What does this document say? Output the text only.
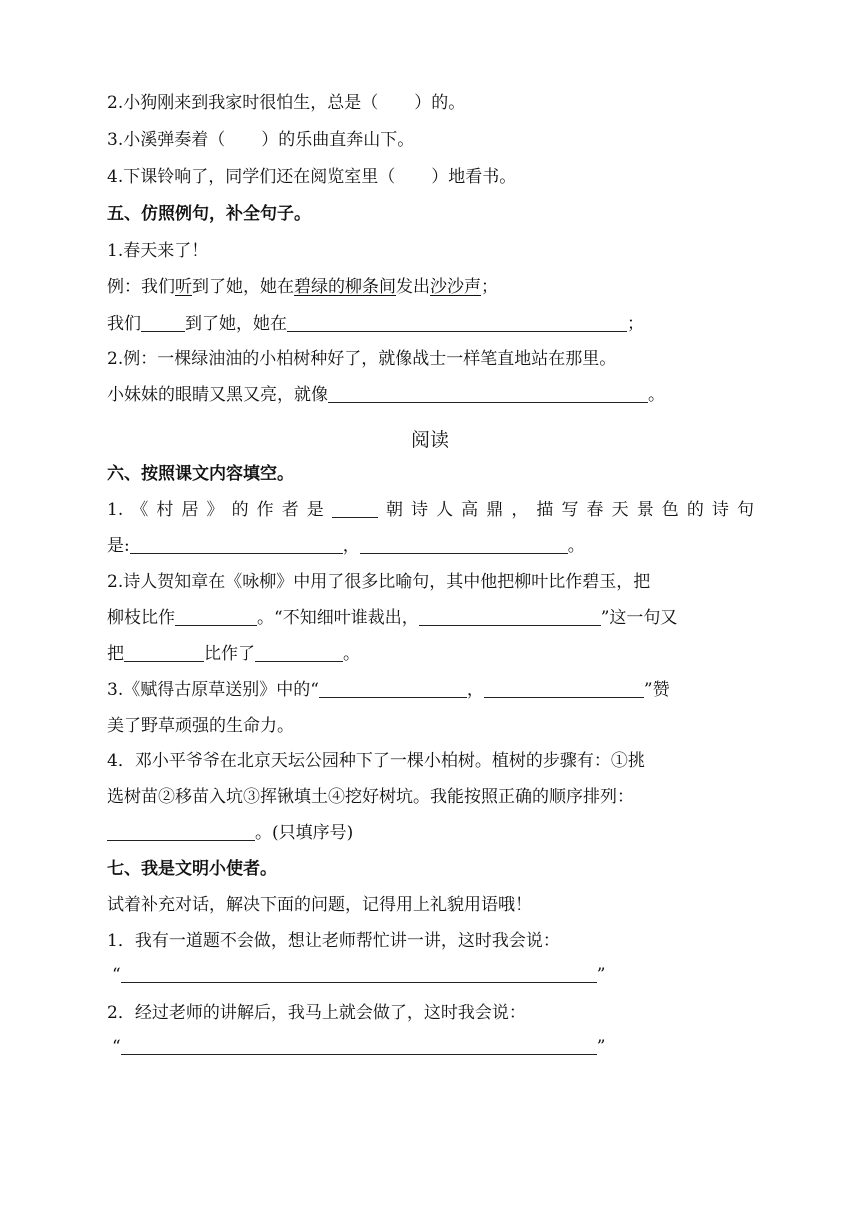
2.小狗刚来到我家时很怕生，总是（ ）的。
3.小溪弹奏着（ ）的乐曲直奔山下。
4.下课铃响了，同学们还在阅览室里（ ）地看书。
五、仿照例句，补全句子。
1.春天来了！
例：我们听到了她，她在碧绿的柳条间发出沙沙声；
我们	到了她，她在	；
2.例：一棵绿油油的小柏树种好了，就像战士一样笔直地站在那里。
小妹妹的眼睛又黑又亮，就像	。
阅读
六、按照课文内容填空。
1.《村居》的作者是	朝诗人高鼎，描写春天景色的诗句
是:	，	。
2.诗人贺知章在《咏柳》中用了很多比喻句，其中他把柳叶比作碧玉，把
柳枝比作	。“不知细叶谁裁出，	”这一句又
把	比作了	。
3.《赋得古原草送别》中的“	，	”赞
美了野草顽强的生命力。
4．邓小平爷爷在北京天坛公园种下了一棵小柏树。植树的步骤有：①挑
选树苗②移苗入坑③挥锹填土④挖好树坑。我能按照正确的顺序排列：
。(只填序号)
七、我是文明小使者。
试着补充对话，解决下面的问题，记得用上礼貌用语哦！
1．我有一道题不会做，想让老师帮忙讲一讲，这时我会说：
“	”
2．经过老师的讲解后，我马上就会做了，这时我会说：
“	”
